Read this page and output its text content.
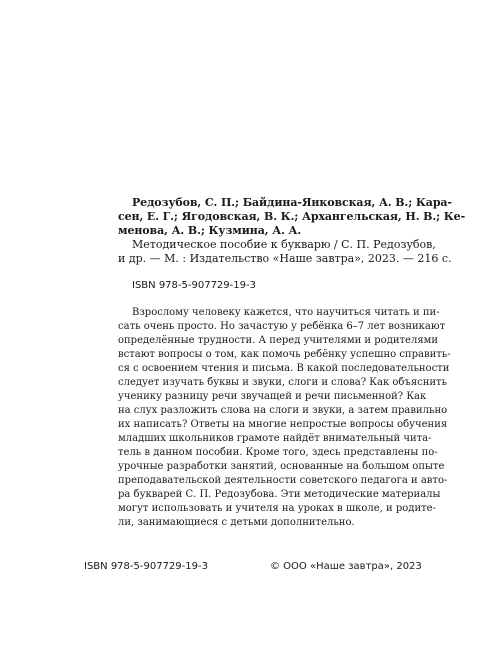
Редозубов, С. П.; Байдина-Янковская, А. В.; Кара-
сен, Е. Г.; Ягодовская, В. К.; Архангельская, Н. В.; Ке-
менова, А. В.; Кузмина, А. А.
Методическое пособие к букварю / С. П. Редозубов,
и др. — М. : Издательство «Наше завтра», 2023. — 216 с.
ISBN 978-5-907729-19-3
Взрослому человеку кажется, что научиться читать и пи-
сать очень просто. Но зачастую у ребёнка 6–7 лет возникают
определённые трудности. А перед учителями и родителями
встают вопросы о том, как помочь ребёнку успешно справить-
ся с освоением чтения и письма. В какой последовательности
следует изучать буквы и звуки, слоги и слова? Как объяснить
ученику разницу речи звучащей и речи письменной? Как
на слух разложить слова на слоги и звуки, а затем правильно
их написать? Ответы на многие непростые вопросы обучения
младших школьников грамоте найдёт внимательный чита-
тель в данном пособии. Кроме того, здесь представлены по-
урочные разработки занятий, основанные на большом опыте
преподавательской деятельности советского педагога и авто-
ра букварей С. П. Редозубова. Эти методические материалы
могут использовать и учителя на уроках в школе, и родите-
ли, занимающиеся с детьми дополнительно.
ISBN 978-5-907729-19-3	© ООО «Наше завтра», 2023
